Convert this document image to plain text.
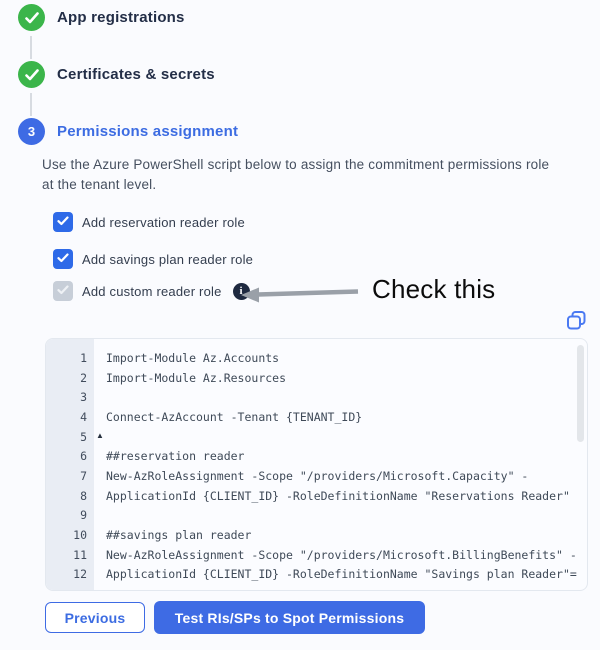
App registrations
Certificates & secrets
3	Permissions assignment

Use the Azure PowerShell script below to assign the commitment permissions role at the tenant level.

Add reservation reader role
Add savings plan reader role
Add custom reader role	i	Check this
1	Import-Module Az.Accounts
2	Import-Module Az.Resources
3
4	Connect-AzAccount -Tenant {TENANT_ID}
5	▲
6	##reservation reader
7	New-AzRoleAssignment -Scope "/providers/Microsoft.Capacity" -
8	ApplicationId {CLIENT_ID} -RoleDefinitionName "Reservations Reader"
9
10	##savings plan reader
11	New-AzRoleAssignment -Scope "/providers/Microsoft.BillingBenefits" -
12	ApplicationId {CLIENT_ID} -RoleDefinitionName "Savings plan Reader"=
Previous	Test RIs/SPs to Spot Permissions
